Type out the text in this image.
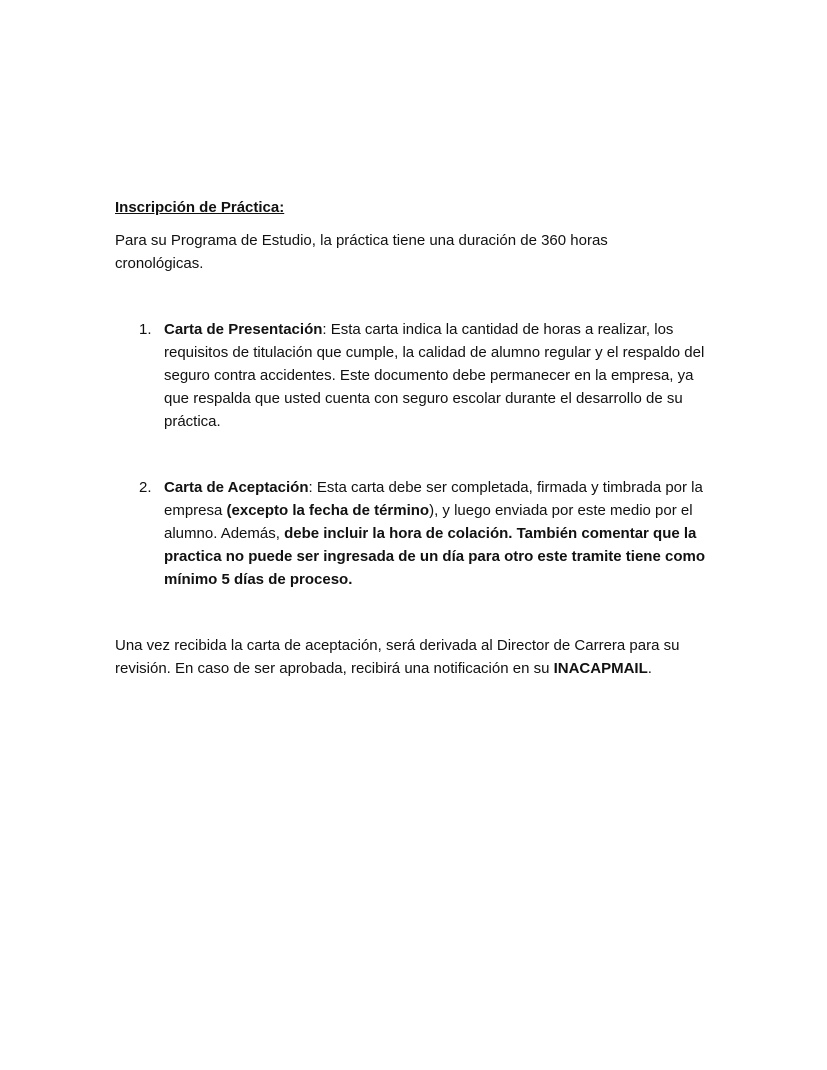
Inscripción de Práctica:

Para su Programa de Estudio, la práctica tiene una duración de 360 horas cronológicas.

1. Carta de Presentación: Esta carta indica la cantidad de horas a realizar, los requisitos de titulación que cumple, la calidad de alumno regular y el respaldo del seguro contra accidentes. Este documento debe permanecer en la empresa, ya que respalda que usted cuenta con seguro escolar durante el desarrollo de su práctica.
2. Carta de Aceptación: Esta carta debe ser completada, firmada y timbrada por la empresa (excepto la fecha de término), y luego enviada por este medio por el alumno. Además, debe incluir la hora de colación. También comentar que la practica no puede ser ingresada de un día para otro este tramite tiene como mínimo 5 días de proceso.

Una vez recibida la carta de aceptación, será derivada al Director de Carrera para su revisión. En caso de ser aprobada, recibirá una notificación en su INACAPMAIL.
